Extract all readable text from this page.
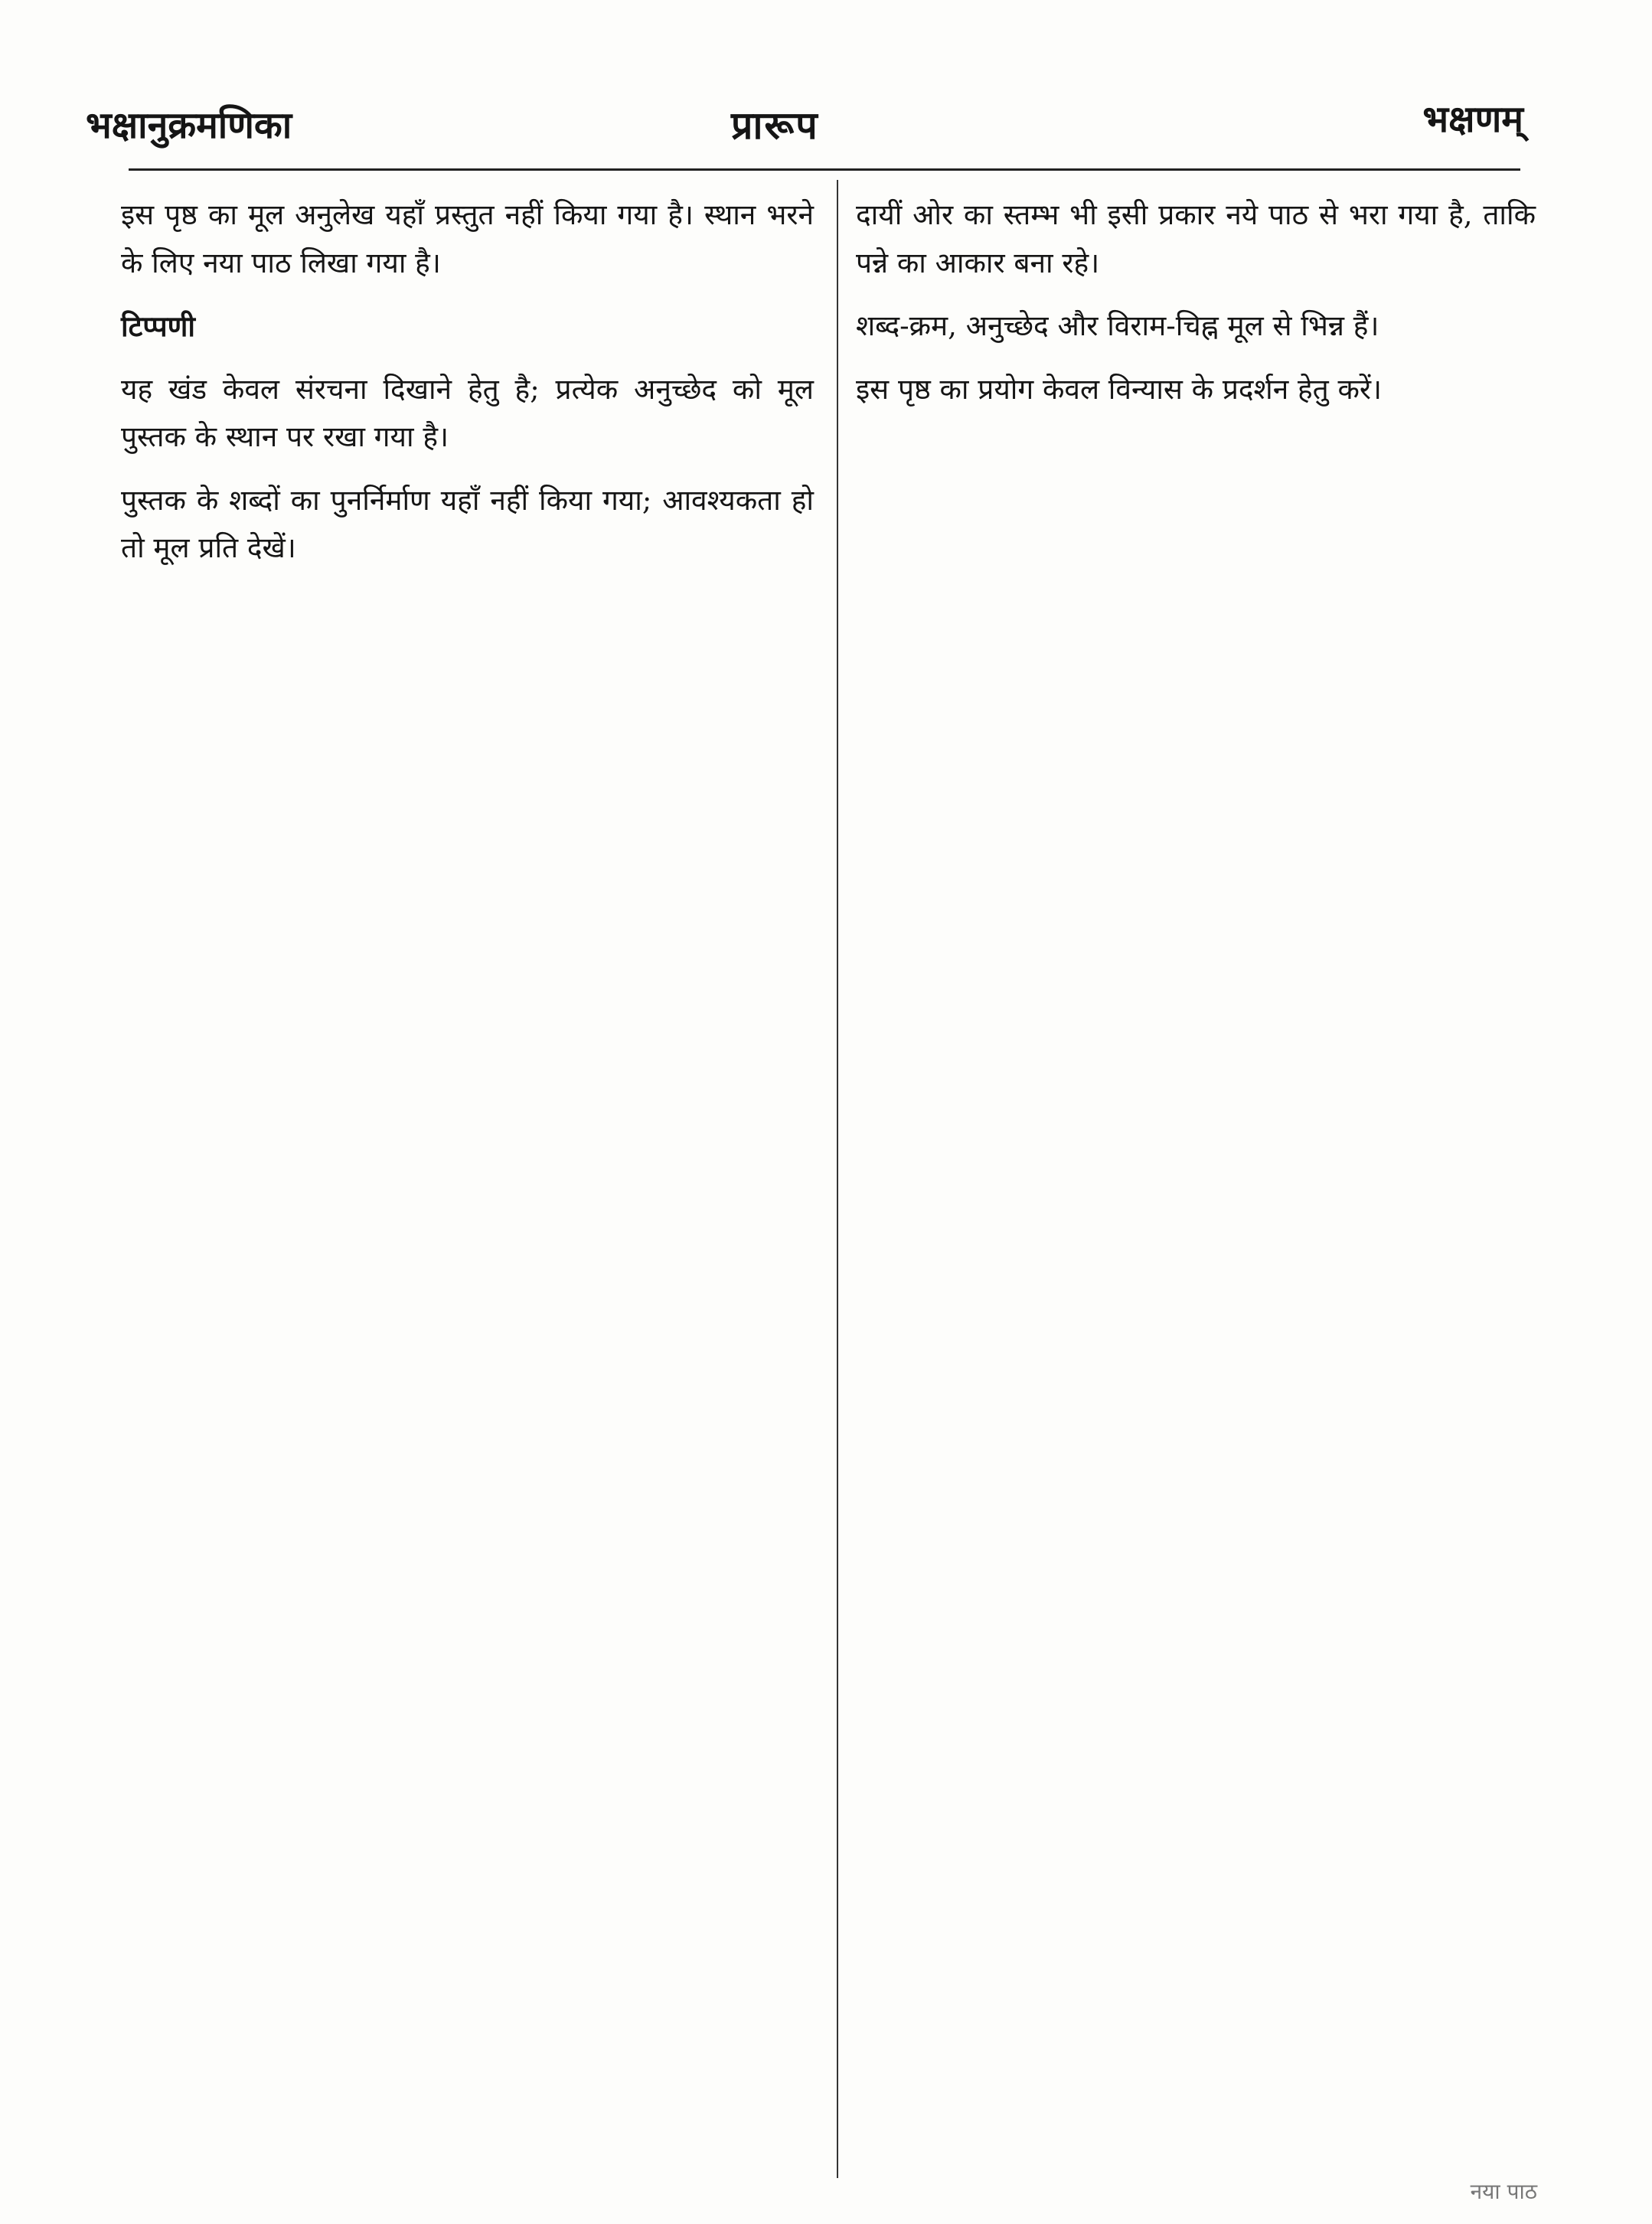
भक्षानुक्रमणिका	प्रारूप	भक्षणम्

इस पृष्ठ का मूल अनुलेख यहाँ प्रस्तुत नहीं किया गया है। स्थान भरने के लिए नया पाठ लिखा गया है।

टिप्पणी

यह खंड केवल संरचना दिखाने हेतु है; प्रत्येक अनुच्छेद को मूल पुस्तक के स्थान पर रखा गया है।

पुस्तक के शब्दों का पुनर्निर्माण यहाँ नहीं किया गया; आवश्यकता हो तो मूल प्रति देखें।

दायीं ओर का स्तम्भ भी इसी प्रकार नये पाठ से भरा गया है, ताकि पन्ने का आकार बना रहे।

शब्द-क्रम, अनुच्छेद और विराम-चिह्न मूल से भिन्न हैं।

इस पृष्ठ का प्रयोग केवल विन्यास के प्रदर्शन हेतु करें।

नया पाठ
